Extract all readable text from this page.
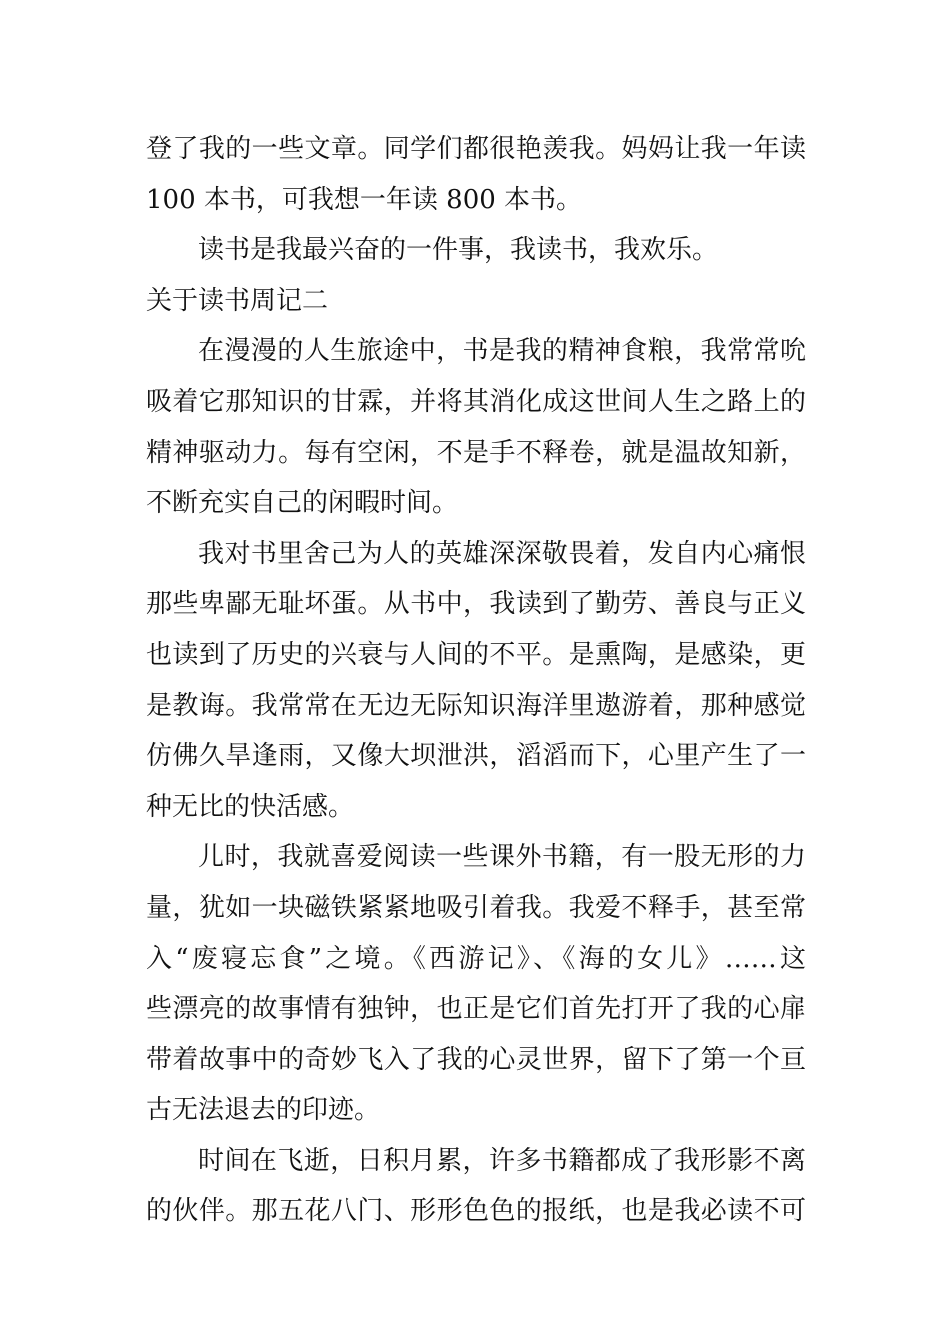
登了我的一些文章。同学们都很艳羡我。妈妈让我一年读
100 本书，可我想一年读 800 本书。
读书是我最兴奋的一件事，我读书，我欢乐。
关于读书周记二
在漫漫的人生旅途中，书是我的精神食粮，我常常吮
吸着它那知识的甘霖，并将其消化成这世间人生之路上的
精神驱动力。每有空闲，不是手不释卷，就是温故知新，
不断充实自己的闲暇时间。
我对书里舍己为人的英雄深深敬畏着，发自内心痛恨
那些卑鄙无耻坏蛋。从书中，我读到了勤劳、善良与正义
也读到了历史的兴衰与人间的不平。是熏陶，是感染，更
是教诲。我常常在无边无际知识海洋里遨游着，那种感觉
仿佛久旱逢雨，又像大坝泄洪，滔滔而下，心里产生了一
种无比的快活感。
儿时，我就喜爱阅读一些课外书籍，有一股无形的力
量，犹如一块磁铁紧紧地吸引着我。我爱不释手，甚至常
入“废寝忘食”之境。《西游记》、《海的女儿》……这
些漂亮的故事情有独钟，也正是它们首先打开了我的心扉
带着故事中的奇妙飞入了我的心灵世界，留下了第一个亘
古无法退去的印迹。
时间在飞逝，日积月累，许多书籍都成了我形影不离
的伙伴。那五花八门、形形色色的报纸，也是我必读不可
